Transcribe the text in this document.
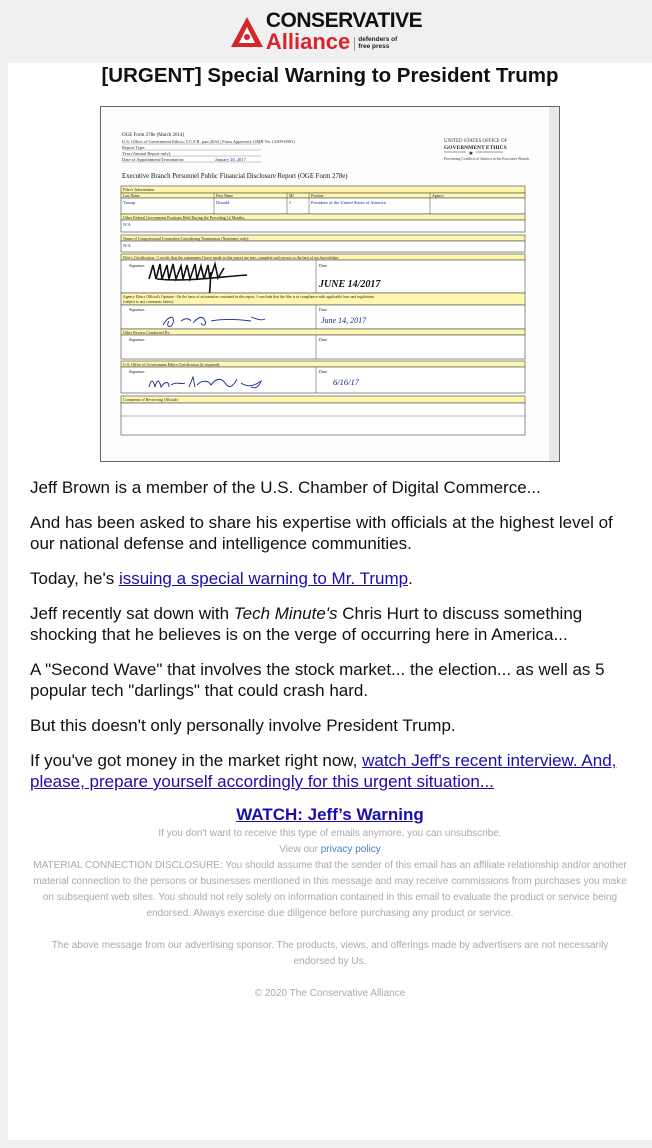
CONSERVATIVE
Alliance	defenders of free press
[URGENT] Special Warning to President Trump
OGE Form 278e (March 2014)
U.S. Office of Government Ethics; 5 C.F.R. part 2634 | Form Approved: OMB No. (3209-0001)
Report Type:
Year (Annual Report only):
Date of Appointment/Termination:	January 20, 2017
UNITED STATES OFFICE OF
GOVERNMENT ETHICS
★
Preventing Conflicts of Interest in the Executive Branch
Executive Branch Personnel Public Financial Disclosure Report (OGE Form 278e)
Filer's Information
Last Name	First Name	MI	Position	Agency
Trump	Donald	J	President of the United States of America
Other Federal Government Positions Held During the Preceding 12 Months:
N/A
Name of Congressional Committee Considering Nomination (Nominees only):
N/A
Filer's Certification - I certify that the statements I have made in this report are true, complete and correct to the best of my knowledge:
Signature:	Date:
JUNE 14/2017
Agency Ethics Official's Opinion - On the basis of information contained in this report, I conclude that the filer is in compliance with applicable laws and regulations
(subject to any comments below).
Signature:	Date:
June 14, 2017
Other Review Conducted By:
Signature:	Date:
U.S. Office of Government Ethics Certification (if required):
Signature:	Date:
6/16/17
Comments of Reviewing Officials:

Jeff Brown is a member of the U.S. Chamber of Digital Commerce...

And has been asked to share his expertise with officials at the highest level of our national defense and intelligence communities.

Today, he's issuing a special warning to Mr. Trump.

Jeff recently sat down with Tech Minute's Chris Hurt to discuss something shocking that he believes is on the verge of occurring here in America...

A "Second Wave" that involves the stock market... the election... as well as 5 popular tech "darlings" that could crash hard.

But this doesn't only personally involve President Trump.

If you've got money in the market right now, watch Jeff's recent interview. And, please, prepare yourself accordingly for this urgent situation...

WATCH: Jeff’s Warning

If you don't want to receive this type of emails anymore, you can unsubscribe.

View our privacy policy

MATERIAL CONNECTION DISCLOSURE: You should assume that the sender of this email has an affiliate relationship and/or another material connection to the persons or businesses mentioned in this message and may receive commissions from purchases you make on subsequent web sites. You should not rely solely on information contained in this email to evaluate the product or service being endorsed. Always exercise due diligence before purchasing any product or service.

The above message from our advertising sponsor. The products, views, and offerings made by advertisers are not necessarily endorsed by Us.

© 2020 The Conservative Alliance
